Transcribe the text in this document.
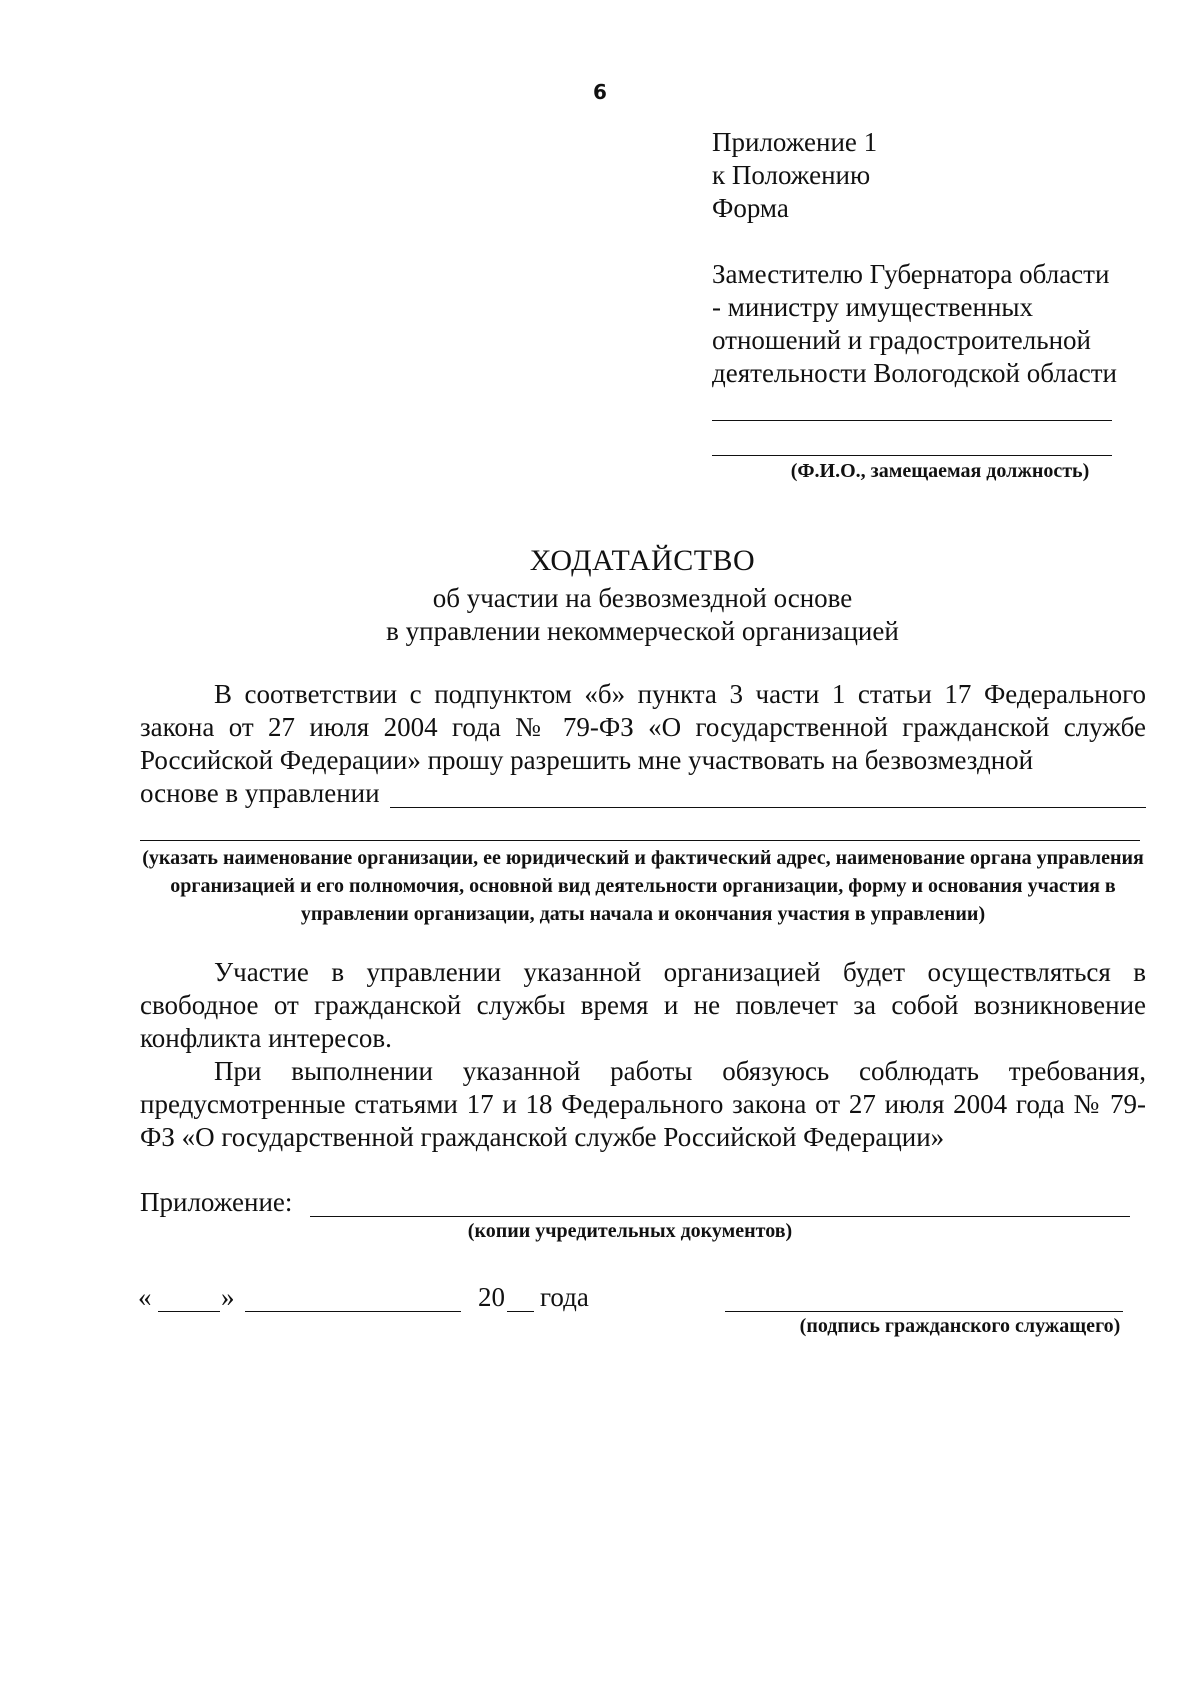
6
Приложение 1
к Положению
Форма
Заместителю Губернатора области
- министру имущественных
отношений и градостроительной
деятельности Вологодской области
(Ф.И.О., замещаемая должность)
ХОДАТАЙСТВО
об участии на безвозмездной основе
в управлении некоммерческой организацией
В соответствии с подпунктом «б» пункта 3 части 1 статьи 17 Федерального закона от 27 июля 2004 года № 79-ФЗ «О государственной гражданской службе Российской Федерации» прошу разрешить мне участвовать на безвозмездной
основе в управлении
(указать наименование организации, ее юридический и фактический адрес, наименование органа управления организацией и его полномочия, основной вид деятельности организации, форму и основания участия в управлении организации, даты начала и окончания участия в управлении)
Участие в управлении указанной организацией будет осуществляться в свободное от гражданской службы время и не повлечет за собой возникновение конфликта интересов.
При выполнении указанной работы обязуюсь соблюдать требования, предусмотренные статьями 17 и 18 Федерального закона от 27 июля 2004 года № 79-ФЗ «О государственной гражданской службе Российской Федерации»
Приложение:
(копии учредительных документов)
«	»	20 года
(подпись гражданского служащего)
